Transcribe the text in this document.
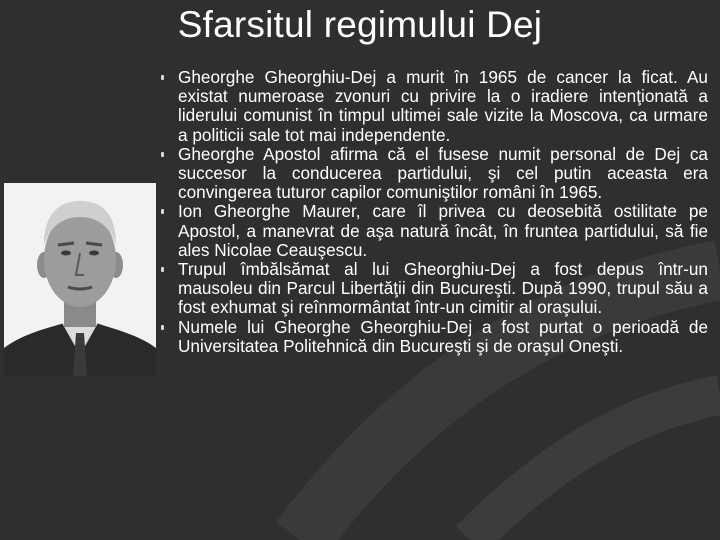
Sfarsitul regimului Dej
Gheorghe Gheorghiu-Dej a murit în 1965 de cancer la ficat. Au existat numeroase zvonuri cu privire la o iradiere intenţionată a liderului comunist în timpul ultimei sale vizite la Moscova, ca urmare a politicii sale tot mai independente.
Gheorghe Apostol afirma că el fusese numit personal de Dej ca succesor la conducerea partidului, şi cel putin aceasta era convingerea tuturor capilor comuniştilor români în 1965.
Ion Gheorghe Maurer, care îl privea cu deosebită ostilitate pe Apostol, a manevrat de aşa natură încât, în fruntea partidului, să fie ales Nicolae Ceauşescu.
Trupul îmbălsămat al lui Gheorghiu-Dej a fost depus într-un mausoleu din Parcul Libertăţii din Bucureşti. După 1990, trupul său a fost exhumat şi reînmormântat într-un cimitir al oraşului.
Numele lui Gheorghe Gheorghiu-Dej a fost purtat o perioadă de Universitatea Politehnică din Bucureşti şi de oraşul Oneşti.
